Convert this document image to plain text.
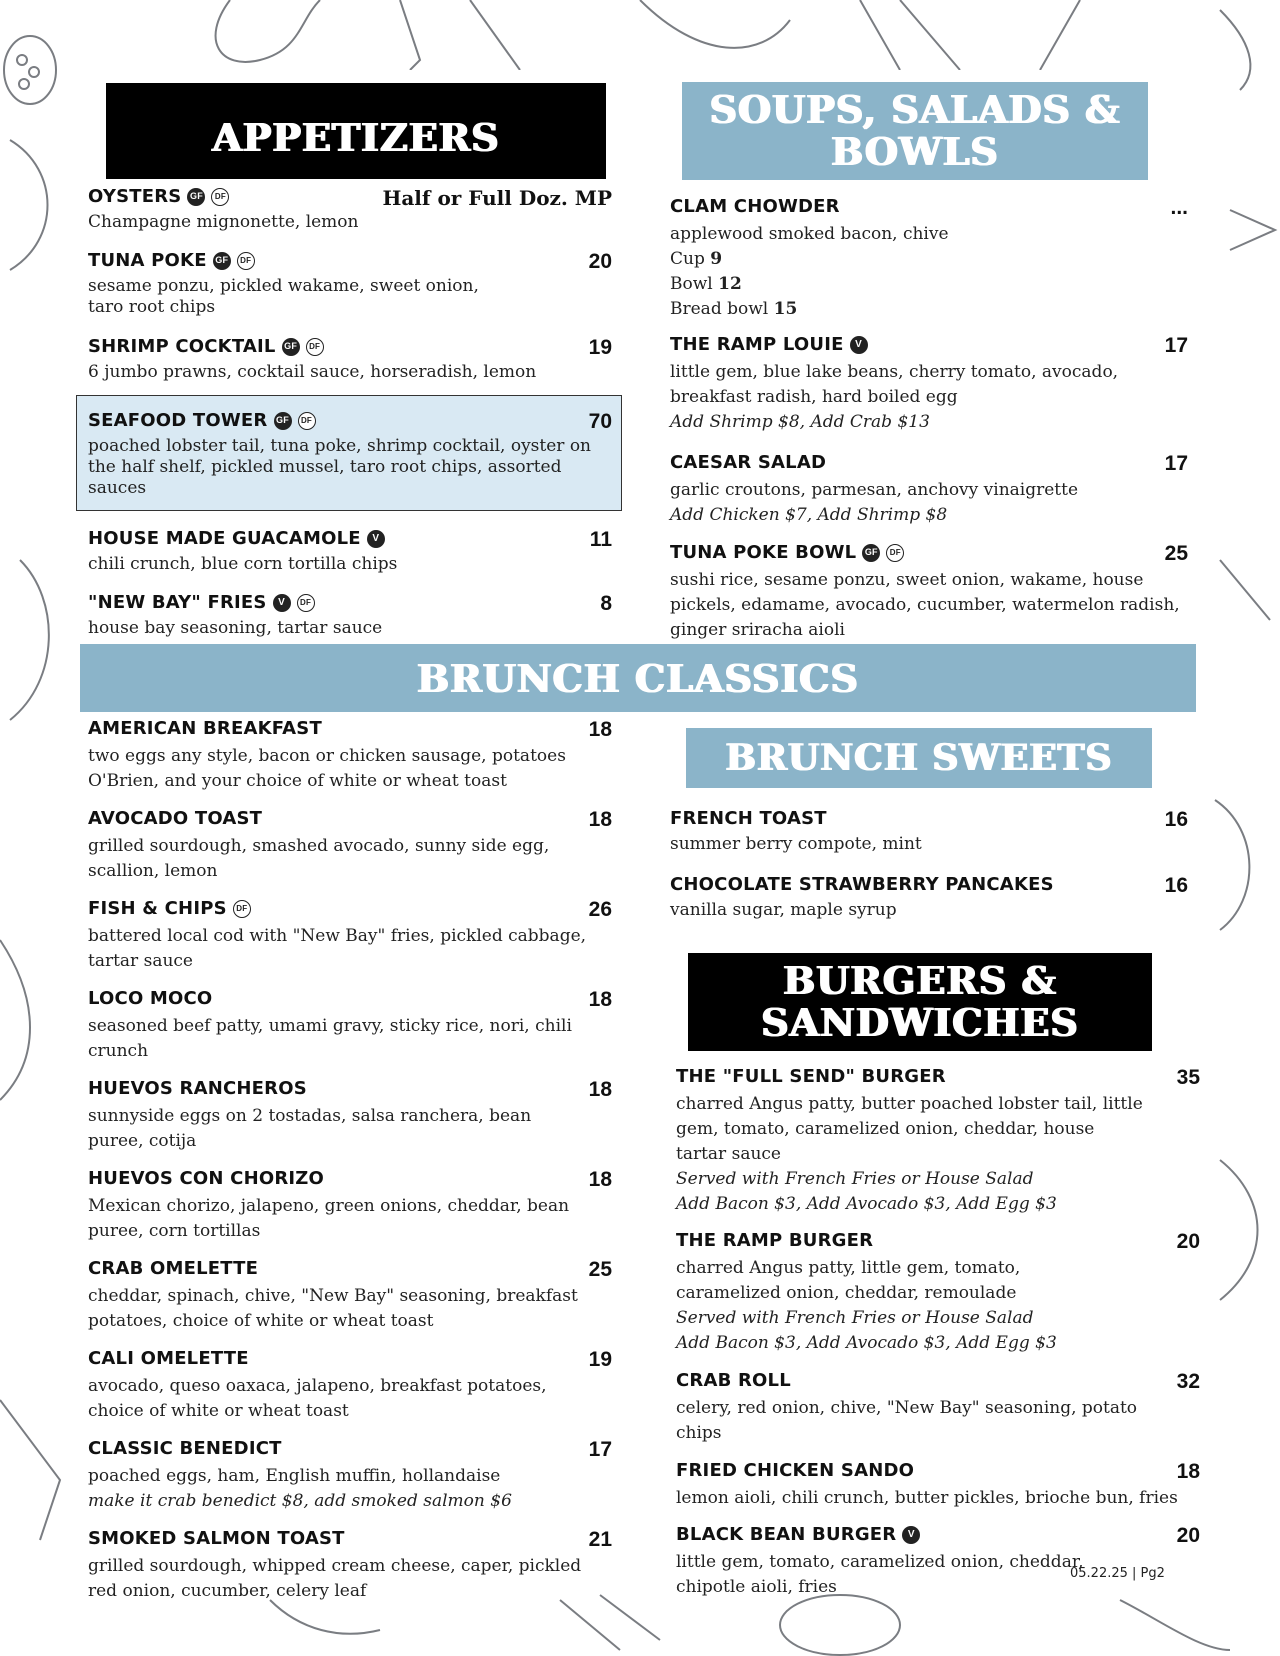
APPETIZERS
OYSTERS GF	DF	Half or Full Doz. MP
Champagne mignonette, lemon
TUNA POKE GF	DF	20
sesame ponzu, pickled wakame, sweet onion, taro root chips
SHRIMP COCKTAIL GF	DF	19
6 jumbo prawns, cocktail sauce, horseradish, lemon
SEAFOOD TOWER GF	DF	70
poached lobster tail, tuna poke, shrimp cocktail, oyster on the half shelf, pickled mussel, taro root chips, assorted sauces
HOUSE MADE GUACAMOLE	V	11
chili crunch, blue corn tortilla chips
"NEW BAY" FRIES	V	DF	8
house bay seasoning, tartar sauce
AMERICAN BREAKFAST	18
two eggs any style, bacon or chicken sausage, potatoes O'Brien, and your choice of white or wheat toast
AVOCADO TOAST	18
grilled sourdough, smashed avocado, sunny side egg, scallion, lemon
FISH & CHIPS	DF	26
battered local cod with "New Bay" fries, pickled cabbage, tartar sauce
LOCO MOCO	18
seasoned beef patty, umami gravy, sticky rice, nori, chili crunch
HUEVOS RANCHEROS	18
sunnyside eggs on 2 tostadas, salsa ranchera, bean puree, cotija
HUEVOS CON CHORIZO	18
Mexican chorizo, jalapeno, green onions, cheddar, bean puree, corn tortillas
CRAB OMELETTE	25
cheddar, spinach, chive, "New Bay" seasoning, breakfast potatoes, choice of white or wheat toast
CALI OMELETTE	19
avocado, queso oaxaca, jalapeno, breakfast potatoes, choice of white or wheat toast
CLASSIC BENEDICT	17
poached eggs, ham, English muffin, hollandaise
make it crab benedict $8, add smoked salmon $6
SMOKED SALMON TOAST	21
grilled sourdough, whipped cream cheese, caper, pickled red onion, cucumber, celery leaf
BRUNCH CLASSICS
SOUPS, SALADS &
BOWLS
CLAM CHOWDER	...
applewood smoked bacon, chive
Cup 9
Bowl 12
Bread bowl 15
THE RAMP LOUIE	V	17
little gem, blue lake beans, cherry tomato, avocado, breakfast radish, hard boiled egg
Add Shrimp $8, Add Crab $13
CAESAR SALAD	17
garlic croutons, parmesan, anchovy vinaigrette
Add Chicken $7, Add Shrimp $8
TUNA POKE BOWL GF	DF	25
sushi rice, sesame ponzu, sweet onion, wakame, house pickels, edamame, avocado, cucumber, watermelon radish, ginger sriracha aioli
BRUNCH SWEETS
FRENCH TOAST	16
summer berry compote, mint
CHOCOLATE STRAWBERRY PANCAKES	16
vanilla sugar, maple syrup
BURGERS &
SANDWICHES
THE "FULL SEND" BURGER	35
charred Angus patty, butter poached lobster tail, little gem, tomato, caramelized onion, cheddar, house tartar sauce
Served with French Fries or House Salad
Add Bacon $3, Add Avocado $3, Add Egg $3
THE RAMP BURGER	20
charred Angus patty, little gem, tomato, caramelized onion, cheddar, remoulade
Served with French Fries or House Salad
Add Bacon $3, Add Avocado $3, Add Egg $3
CRAB ROLL	32
celery, red onion, chive, "New Bay" seasoning, potato chips
FRIED CHICKEN SANDO	18
lemon aioli, chili crunch, butter pickles, brioche bun, fries
BLACK BEAN BURGER	V	20
little gem, tomato, caramelized onion, cheddar, chipotle aioli, fries
05.22.25 | Pg2
